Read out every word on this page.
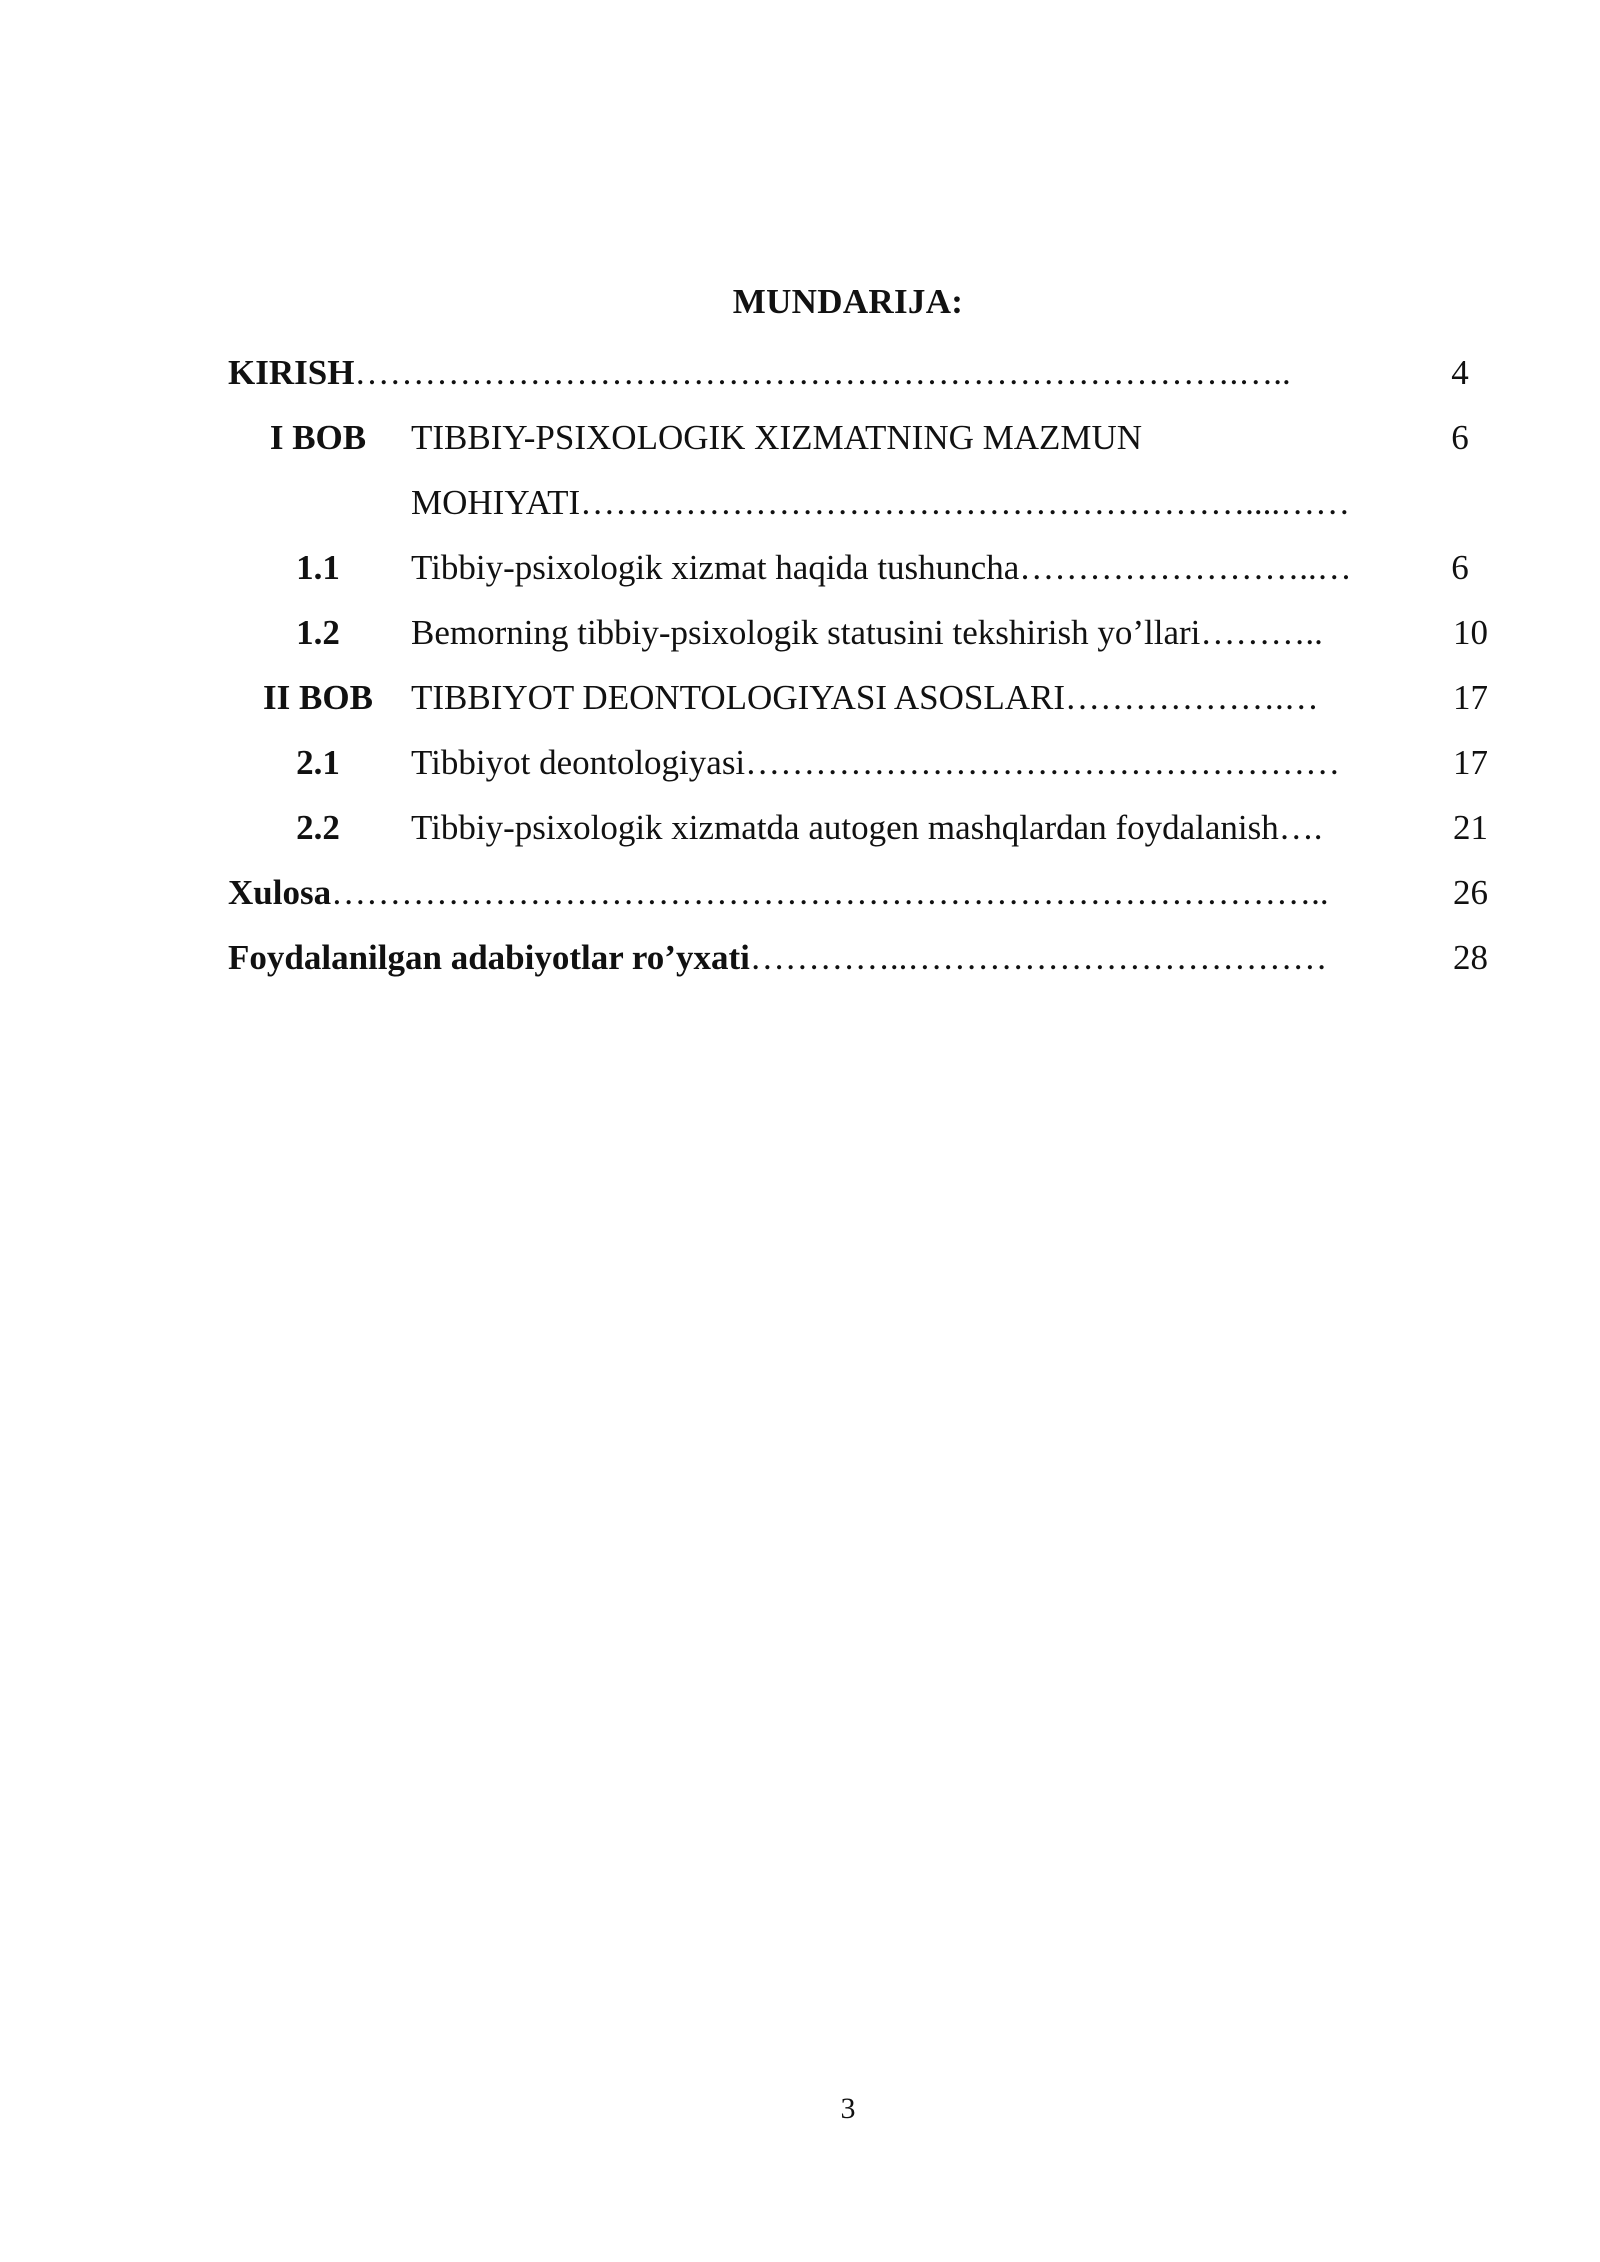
MUNDARIJA:
KIRISH………………………………………………………………….…..	4
I BOB	TIBBIY-PSIXOLOGIK XIZMATNING MAZMUN	6
MOHIYATI…………………………………………………....……
1.1	Tibbiy-psixologik xizmat haqida tushuncha……………………..…	6
1.2	Bemorning tibbiy-psixologik statusini tekshirish yo’llari………..	10
II BOB	TIBBIYOT DEONTOLOGIYASI ASOSLARI……………….…	17
2.1	Tibbiyot deontologiyasi……………………………………………	17
2.2	Tibbiy-psixologik xizmatda autogen mashqlardan foydalanish….	21
Xulosa…………………………………………………………………………..	26
Foydalanilgan adabiyotlar ro’yxati…………..………………………………	28
3
